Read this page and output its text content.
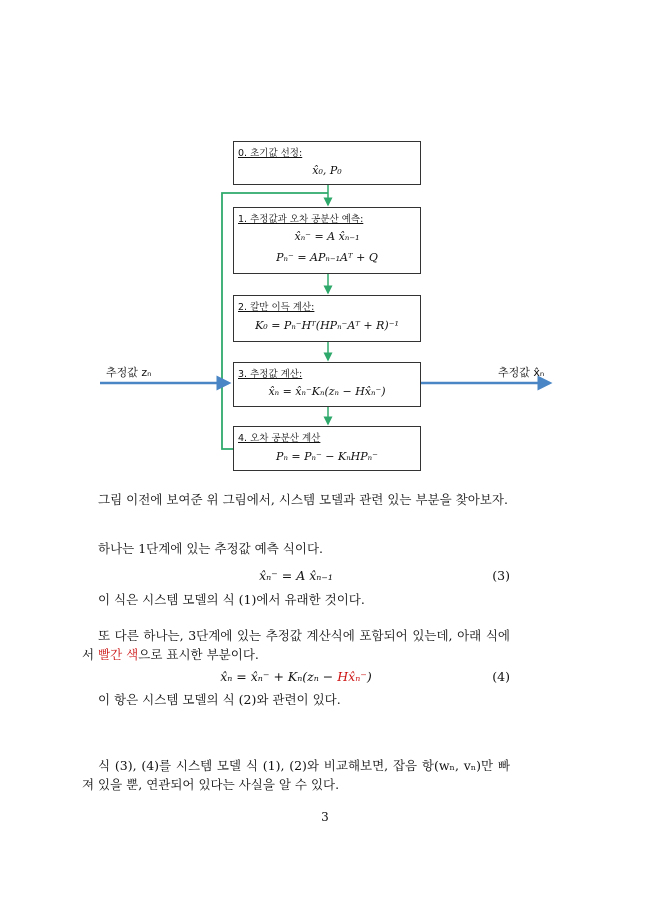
0. 초기값 선정:
x̂₀, P₀
1. 추정값과 오차 공분산 예측:
x̂ₙ⁻ = A x̂ₙ₋₁
Pₙ⁻ = APₙ₋₁Aᵀ + Q
2. 칼만 이득 계산:
K₀ = Pₙ⁻Hᵀ(HPₙ⁻Aᵀ + R)⁻¹
3. 추정값 계산:
x̂ₙ = x̂ₙ⁻Kₙ(zₙ − Hx̂ₙ⁻)
4. 오차 공분산 계산
Pₙ = Pₙ⁻ − KₙHPₙ⁻
추정값 zₙ	추정값 x̂ₙ
그림 이전에 보여준 위 그림에서, 시스템 모델과 관련 있는 부분을 찾아보자.
하나는 1단계에 있는 추정값 예측 식이다.
x̂ₙ⁻ = A x̂ₙ₋₁	(3)
이 식은 시스템 모델의 식 (1)에서 유래한 것이다.
또 다른 하나는, 3단계에 있는 추정값 계산식에 포함되어 있는데, 아래 식에서 빨간 색으로 표시한 부분이다.
x̂ₙ = x̂ₙ⁻ + Kₙ(zₙ − Hx̂ₙ⁻)	(4)
이 항은 시스템 모델의 식 (2)와 관련이 있다.
식 (3), (4)를 시스템 모델 식 (1), (2)와 비교해보면, 잡음 항(wₙ, vₙ)만 빠져 있을 뿐, 연관되어 있다는 사실을 알 수 있다.
3
